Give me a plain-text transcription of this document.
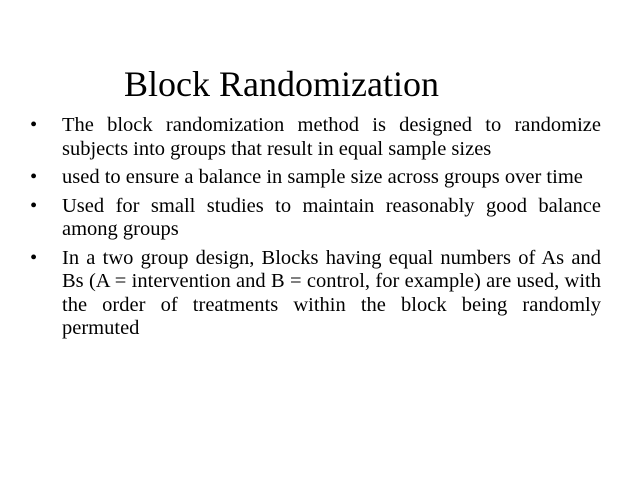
Block Randomization
•	The block randomization method is designed to randomize subjects into groups that result in equal sample sizes
•	used to ensure a balance in sample size across groups over time
•	Used for small studies to maintain reasonably good balance among groups
•	In a two group design, Blocks having equal numbers of As and Bs (A = intervention and B = control, for example) are used, with the order of treatments within the block being randomly permuted
